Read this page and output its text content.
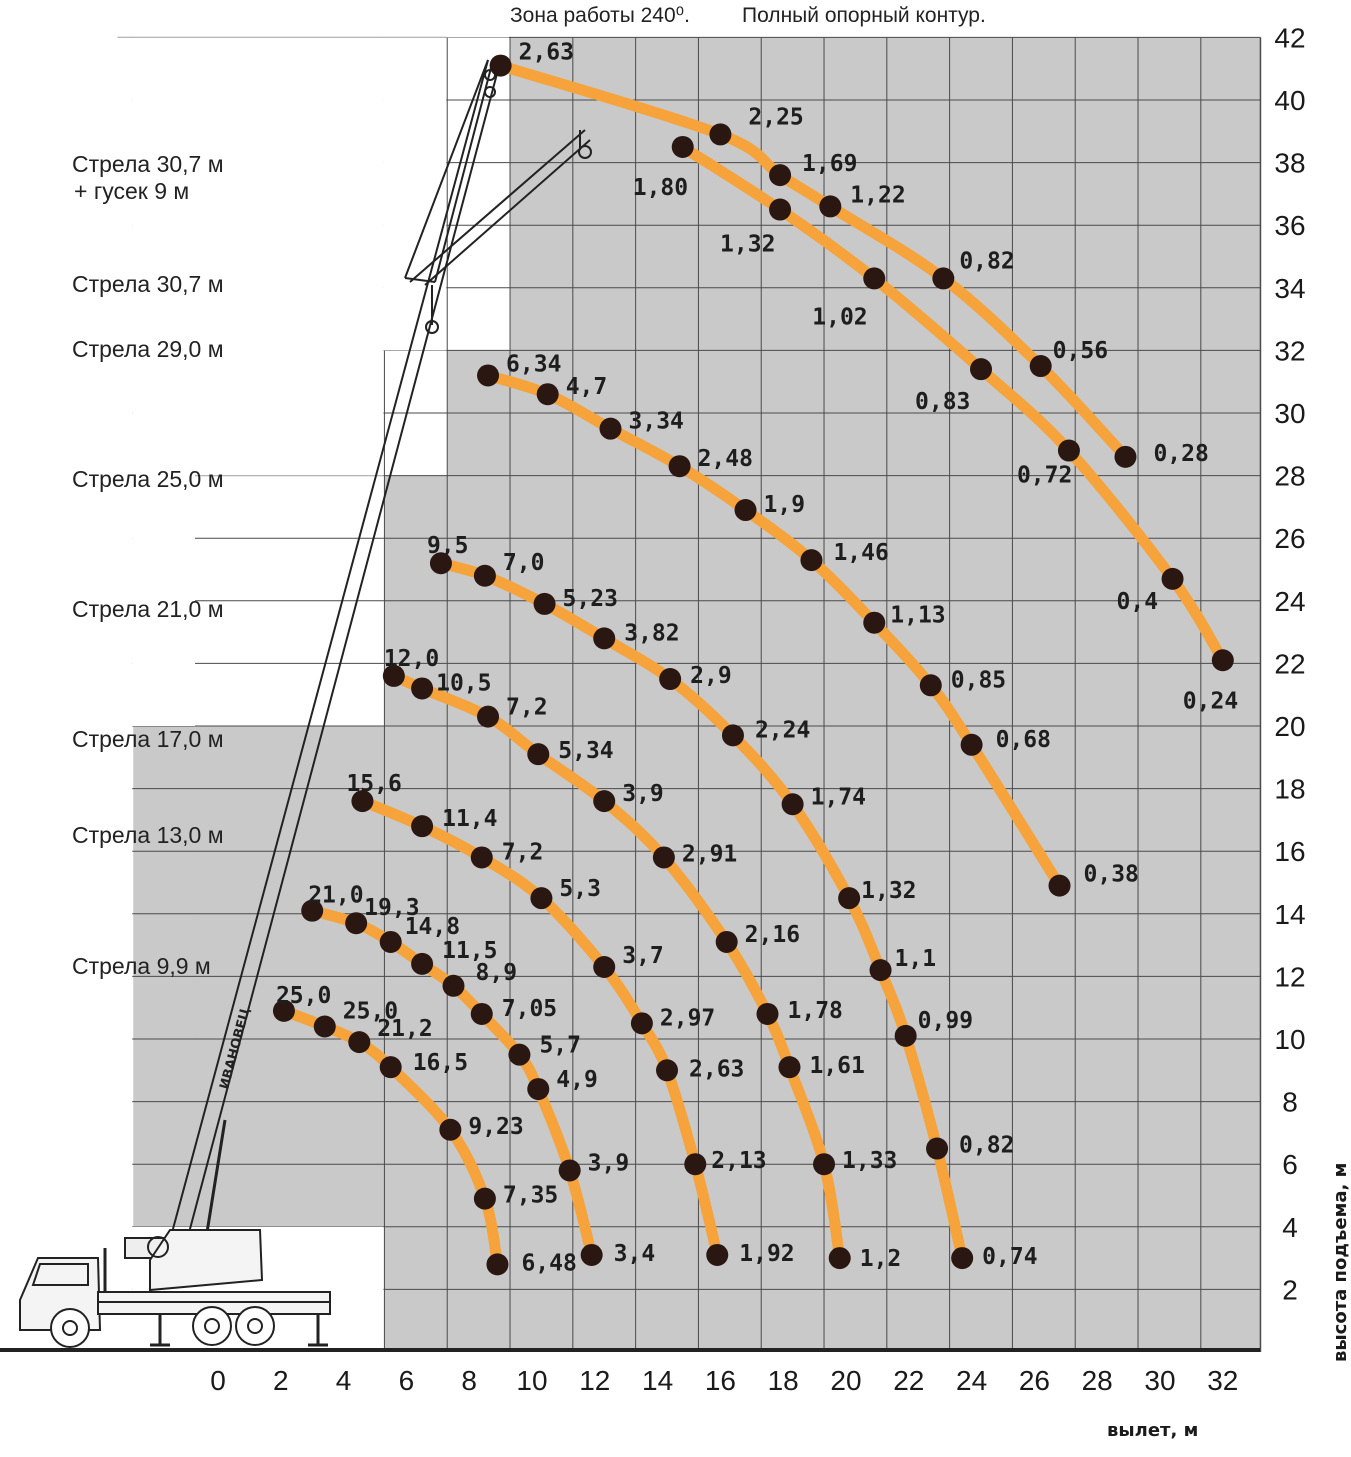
Зона работы 240⁰. Полный опорный контур.
ИВАНОВЕЦ
25,0
25,0
21,2
16,5
9,23
7,35
6,48
21,0 19,3
14,8
11,5
8,9
7,05
5,7
4,9
3,9
3,4
15,6
11,4
7,2
5,3
3,7
2,97
2,63
2,13
1,92
12,0
10,5
7,2
5,34
3,9
2,91
2,16
1,78
1,61
1,33
1,2
9,5
7,0
5,23
3,82
2,9
2,24
1,74
1,32
1,1
0,99
0,82
0,74
6,34
4,7
3,34
2,48
1,9
1,46
1,13
0,85
0,68
0,38
1,80
1,32
1,02
0,83
0,72
0,4
0,24
2,63
2,25
1,69
1,22
0,82
0,56
0,28
0 2 4 6 8 10 12 14 16 18 20 22 24 26 28 30 32
2
4
6
8
10
12
14
16
18
20
22
24
26
28
30
32
34
36
38
40
42
Стрела 30,7 м
+ гусек 9 м
Стрела 30,7 м
Стрела 29,0 м
Стрела 25,0 м
Стрела 21,0 м
Стрела 17,0 м
Стрела 13,0 м
Стрела 9,9 м
вылет, м
высота подъема, м
